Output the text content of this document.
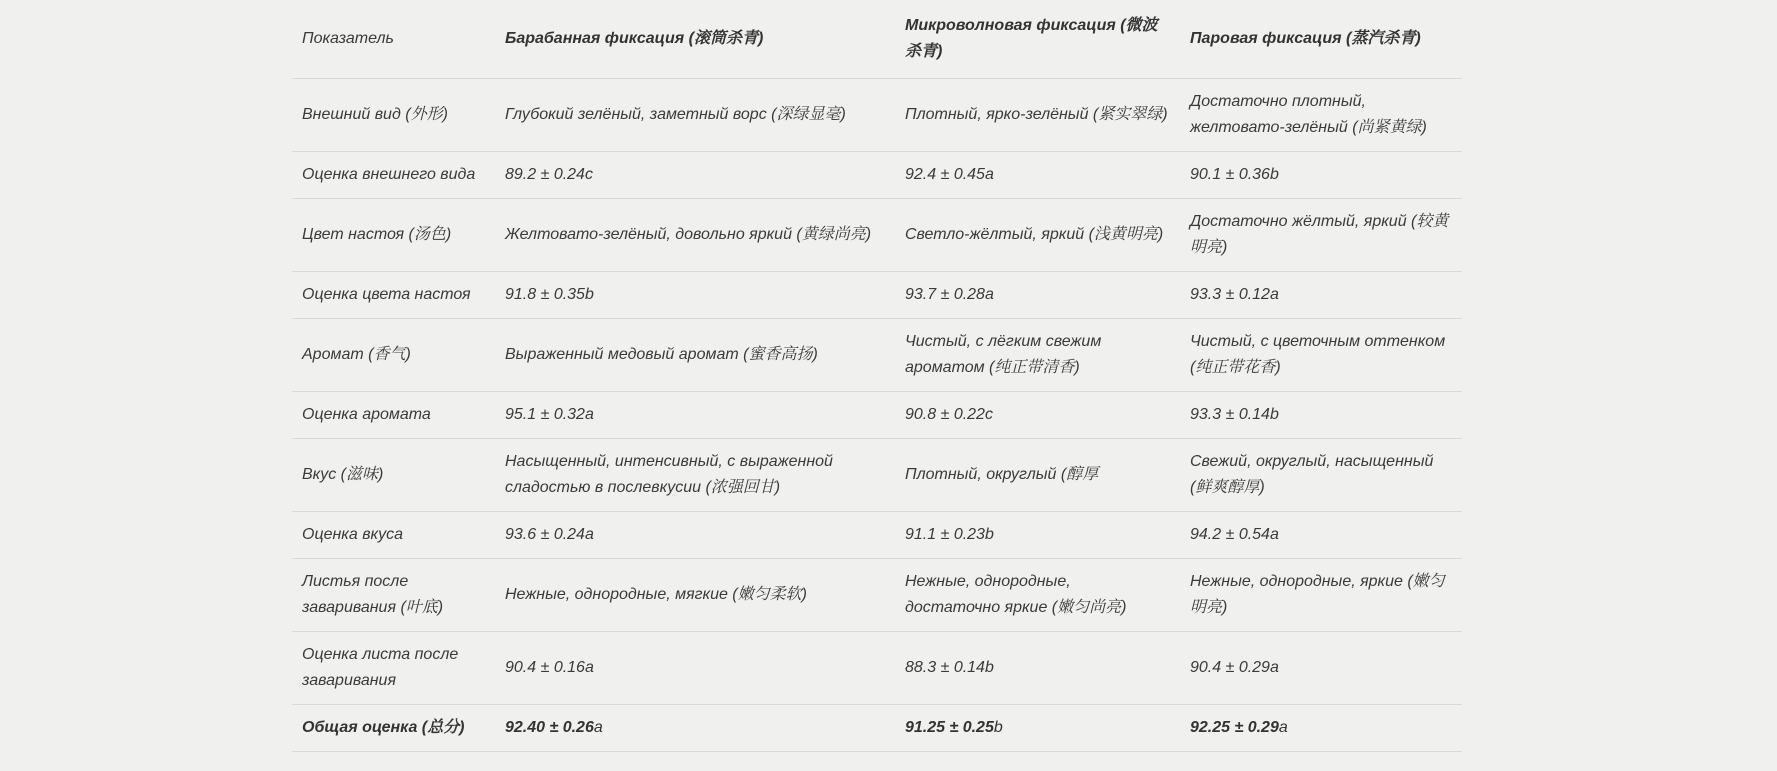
Показатель	Барабанная фиксация (滚筒杀青)	Микроволновая фиксация (微波杀青)	Паровая фиксация (蒸汽杀青)
Внешний вид (外形)	Глубокий зелёный, заметный ворс (深绿显毫)	Плотный, ярко-зелёный (紧实翠绿)	Достаточно плотный, желтовато-зелёный (尚紧黄绿)
Оценка внешнего вида	89.2 ± 0.24c	92.4 ± 0.45a	90.1 ± 0.36b
Цвет настоя (汤色)	Желтовато-зелёный, довольно яркий (黄绿尚亮)	Светло-жёлтый, яркий (浅黄明亮)	Достаточно жёлтый, яркий (较黄明亮)
Оценка цвета настоя	91.8 ± 0.35b	93.7 ± 0.28a	93.3 ± 0.12a
Аромат (香气)	Выраженный медовый аромат (蜜香高扬)	Чистый, с лёгким свежим ароматом (纯正带清香)	Чистый, с цветочным оттенком (纯正带花香)
Оценка аромата	95.1 ± 0.32a	90.8 ± 0.22c	93.3 ± 0.14b
Вкус (滋味)	Насыщенный, интенсивный, с выраженной сладостью в послевкусии (浓强回甘)	Плотный, округлый (醇厚	Свежий, округлый, насыщенный (鲜爽醇厚)
Оценка вкуса	93.6 ± 0.24a	91.1 ± 0.23b	94.2 ± 0.54a
Листья после заваривания (叶底)	Нежные, однородные, мягкие (嫩匀柔软)	Нежные, однородные, достаточно яркие (嫩匀尚亮)	Нежные, однородные, яркие (嫩匀明亮)
Оценка листа после заваривания	90.4 ± 0.16a	88.3 ± 0.14b	90.4 ± 0.29a
Общая оценка (总分)	92.40 ± 0.26a	91.25 ± 0.25b	92.25 ± 0.29a
